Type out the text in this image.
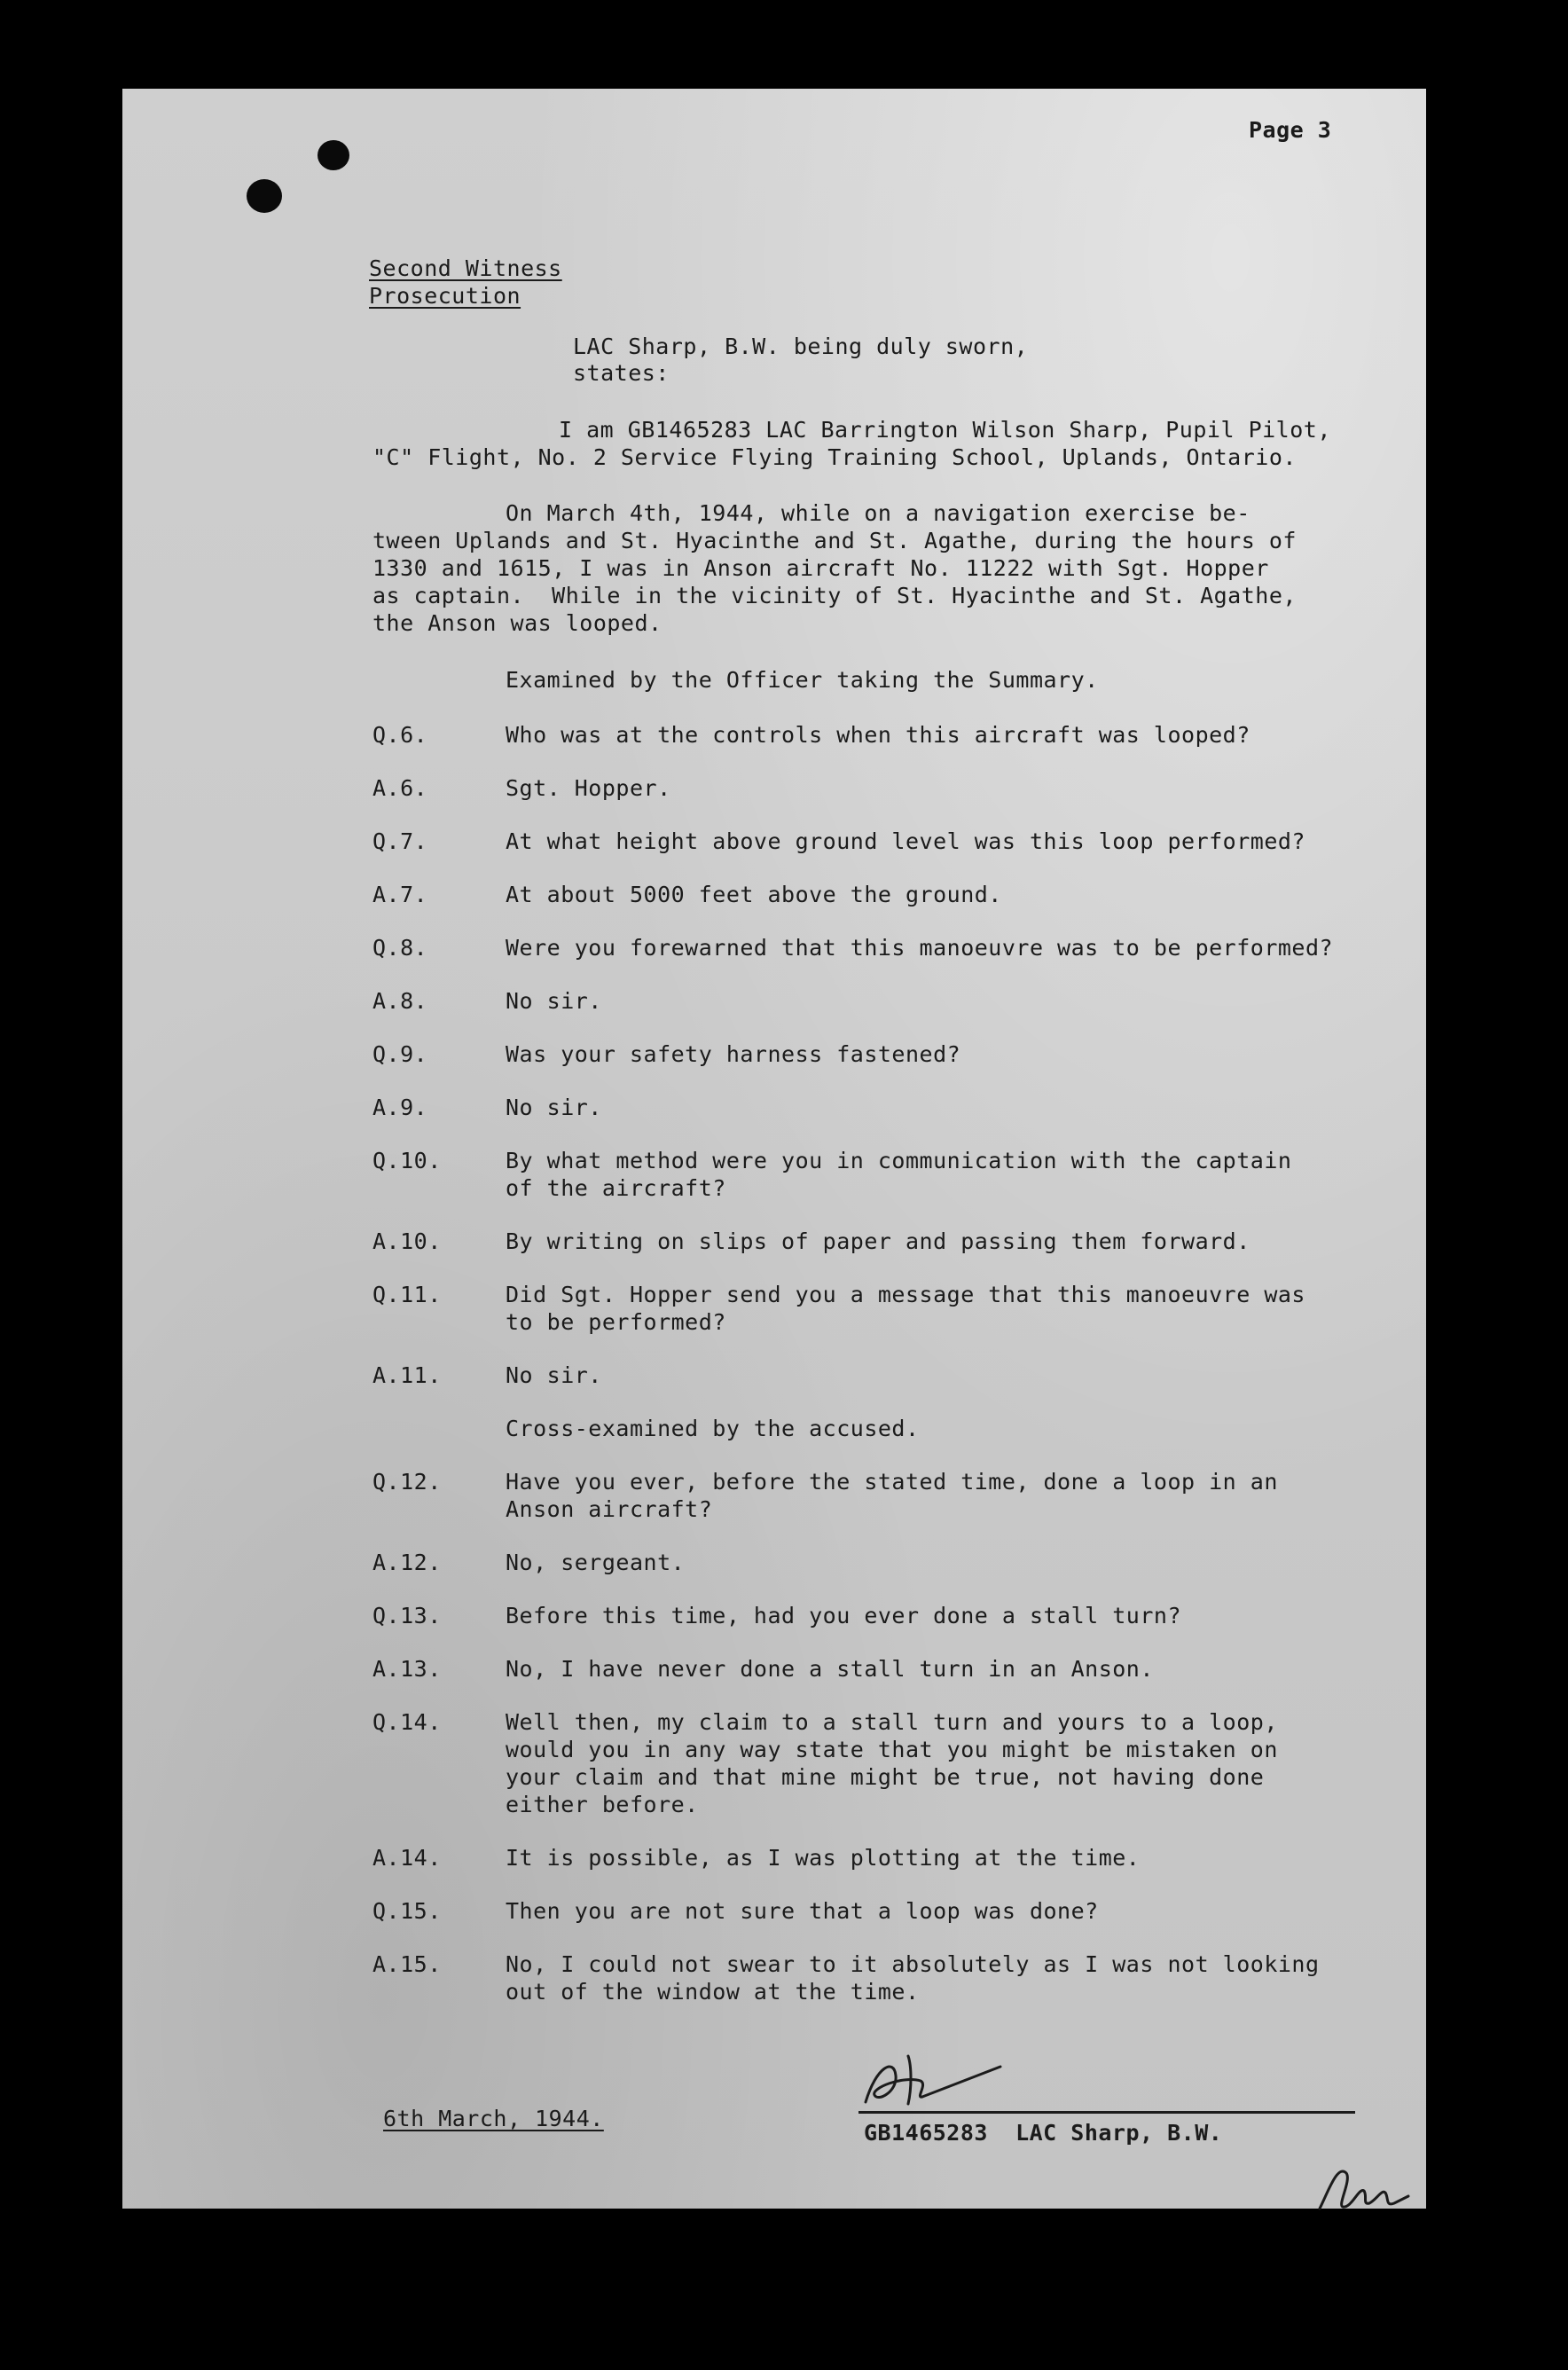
Page 3
Second Witness
Prosecution
LAC Sharp, B.W. being duly sworn,
states:
I am GB1465283 LAC Barrington Wilson Sharp, Pupil Pilot,
"C" Flight, No. 2 Service Flying Training School, Uplands, Ontario.
On March 4th, 1944, while on a navigation exercise be-
tween Uplands and St. Hyacinthe and St. Agathe, during the hours of
1330 and 1615, I was in Anson aircraft No. 11222 with Sgt. Hopper
as captain.  While in the vicinity of St. Hyacinthe and St. Agathe,
the Anson was looped.
Examined by the Officer taking the Summary.
Q.6.	Who was at the controls when this aircraft was looped?
A.6.	Sgt. Hopper.
Q.7.	At what height above ground level was this loop performed?
A.7.	At about 5000 feet above the ground.
Q.8.	Were you forewarned that this manoeuvre was to be performed?
A.8.	No sir.
Q.9.	Was your safety harness fastened?
A.9.	No sir.
Q.10.	By what method were you in communication with the captain
of the aircraft?
A.10.	By writing on slips of paper and passing them forward.
Q.11.	Did Sgt. Hopper send you a message that this manoeuvre was
to be performed?
A.11.	No sir.
Cross-examined by the accused.
Q.12.	Have you ever, before the stated time, done a loop in an
Anson aircraft?
A.12.	No, sergeant.
Q.13.	Before this time, had you ever done a stall turn?
A.13.	No, I have never done a stall turn in an Anson.
Q.14.	Well then, my claim to a stall turn and yours to a loop,
would you in any way state that you might be mistaken on
your claim and that mine might be true, not having done
either before.
A.14.	It is possible, as I was plotting at the time.
Q.15.	Then you are not sure that a loop was done?
A.15.	No, I could not swear to it absolutely as I was not looking
out of the window at the time.
6th March, 1944.
GB1465283  LAC Sharp, B.W.
